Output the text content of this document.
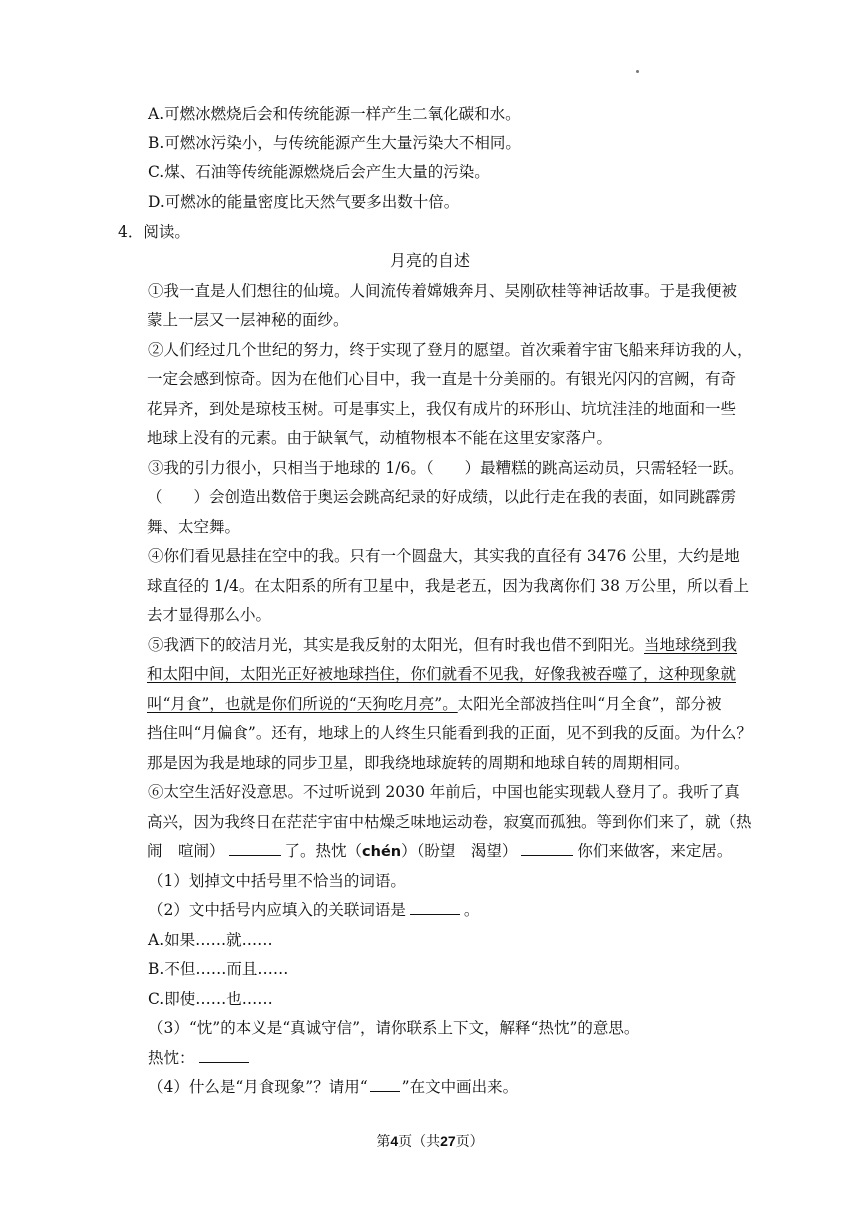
A.可燃冰燃烧后会和传统能源一样产生二氧化碳和水。
B.可燃冰污染小，与传统能源产生大量污染大不相同。
C.煤、石油等传统能源燃烧后会产生大量的污染。
D.可燃冰的能量密度比天然气要多出数十倍。
4．阅读。
月亮的自述
①我一直是人们想往的仙境。人间流传着嫦娥奔月、吴刚砍桂等神话故事。于是我便被
蒙上一层又一层神秘的面纱。
②人们经过几个世纪的努力，终于实现了登月的愿望。首次乘着宇宙飞船来拜访我的人，
一定会感到惊奇。因为在他们心目中，我一直是十分美丽的。有银光闪闪的宫阙，有奇
花异齐，到处是琼枝玉树。可是事实上，我仅有成片的环形山、坑坑洼洼的地面和一些
地球上没有的元素。由于缺氧气，动植物根本不能在这里安家落户。
③我的引力很小，只相当于地球的 1/6。（　　）最糟糕的跳高运动员，只需轻轻一跃。
（　　）会创造出数倍于奥运会跳高纪录的好成绩，以此行走在我的表面，如同跳霹雳
舞、太空舞。
④你们看见悬挂在空中的我。只有一个圆盘大，其实我的直径有 3476 公里，大约是地
球直径的 1/4。在太阳系的所有卫星中，我是老五，因为我离你们 38 万公里，所以看上
去才显得那么小。
⑤我洒下的皎洁月光，其实是我反射的太阳光，但有时我也借不到阳光。当地球绕到我
和太阳中间，太阳光正好被地球挡住，你们就看不见我，好像我被吞噬了，这种现象就
叫“月食”，也就是你们所说的“天狗吃月亮”。太阳光全部波挡住叫“月全食”，部分被
挡住叫“月偏食”。还有，地球上的人终生只能看到我的正面，见不到我的反面。为什么？
那是因为我是地球的同步卫星，即我绕地球旋转的周期和地球自转的周期相同。
⑥太空生活好没意思。不过听说到 2030 年前后，中国也能实现载人登月了。我听了真
高兴，因为我终日在茫茫宇宙中枯燥乏味地运动卷，寂寞而孤独。等到你们来了，就（热
闹　喧闹）	了。热忱（chén）（盼望　渴望）	你们来做客，来定居。
（1）划掉文中括号里不恰当的词语。
（2）文中括号内应填入的关联词语是	。
A.如果……就……
B.不但……而且……
C.即使……也……
（3）“忱”的本义是“真诚守信”，请你联系上下文，解释“热忱”的意思。
热忱：
（4）什么是“月食现象”？请用“ ”在文中画出来。
第4页（共27页）
